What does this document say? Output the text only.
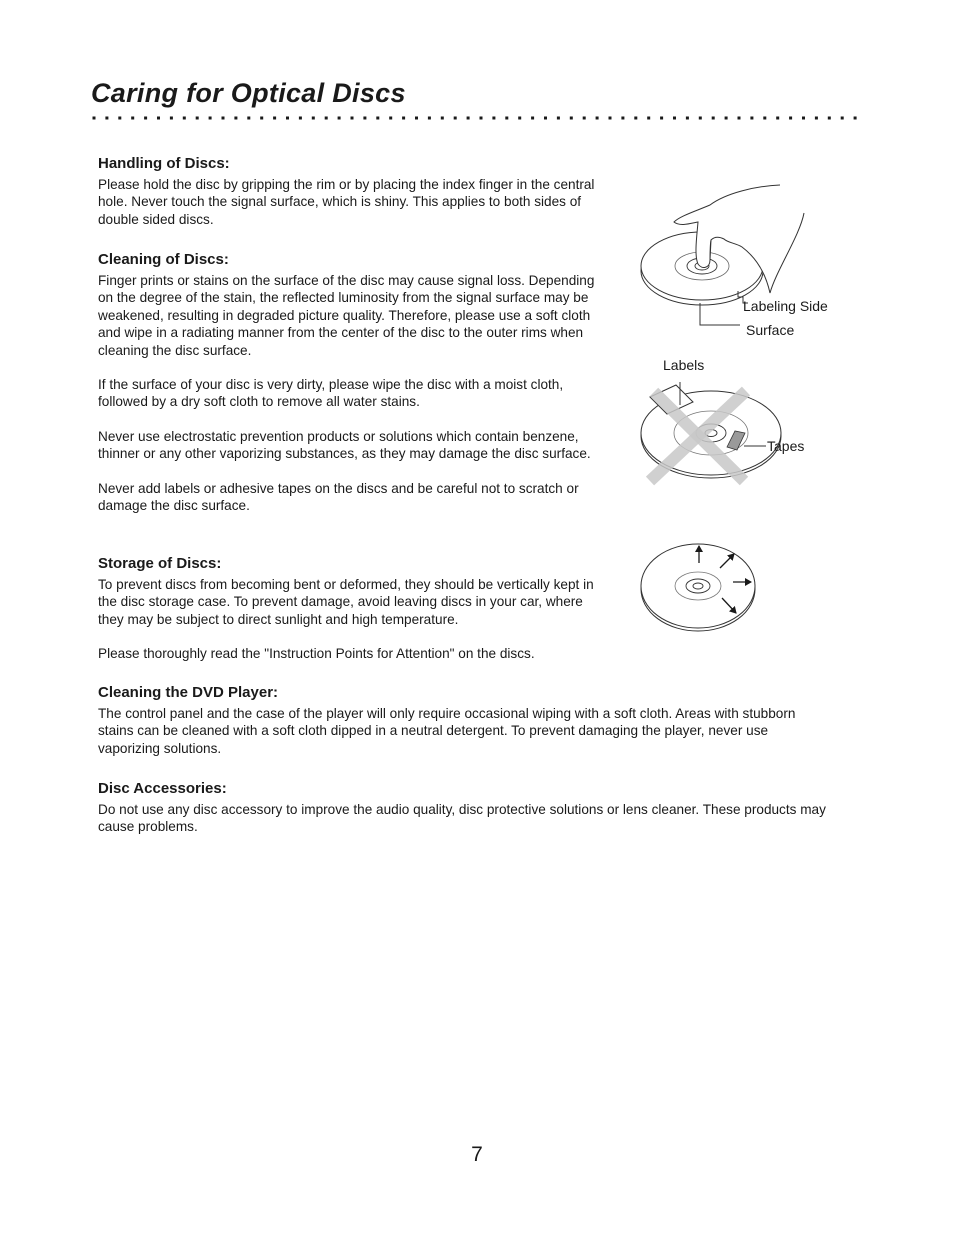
Caring for Optical Discs
Handling of Discs:

Please hold the disc by gripping the rim or by placing the index finger in the central hole. Never touch the signal surface, which is shiny. This applies to both sides of double sided discs.

Cleaning of Discs:

Finger prints or stains on the surface of the disc may cause signal loss. Depending on the degree of the stain, the reflected luminosity from the signal surface may be weakened, resulting in degraded picture quality. Therefore, please use a soft cloth and wipe in a radiating manner from the center of the disc to the outer rims when cleaning the disc surface.

If the surface of your disc is very dirty, please wipe the disc with a moist cloth, followed by a dry soft cloth to remove all water stains.

Never use electrostatic prevention products or solutions which contain benzene, thinner or any other vaporizing substances, as they may damage the disc surface.

Never add labels or adhesive tapes on the discs and be careful not to scratch or damage the disc surface.

Storage of Discs:

To prevent discs from becoming bent or deformed, they should be vertically kept in the disc storage case. To prevent damage, avoid leaving discs in your car, where they may be subject to direct sunlight and high temperature.

Please thoroughly read the "Instruction Points for Attention" on the discs.

Cleaning the DVD Player:

The control panel and the case of the player will only require occasional wiping with a soft cloth. Areas with stubborn stains can be cleaned with a soft cloth dipped in a neutral detergent. To prevent damaging the player, never use vaporizing solutions.

Disc Accessories:

Do not use any disc accessory to improve the audio quality, disc protective solutions or lens cleaner. These products may cause problems.

Labeling Side
Surface
Labels
Tapes
7
